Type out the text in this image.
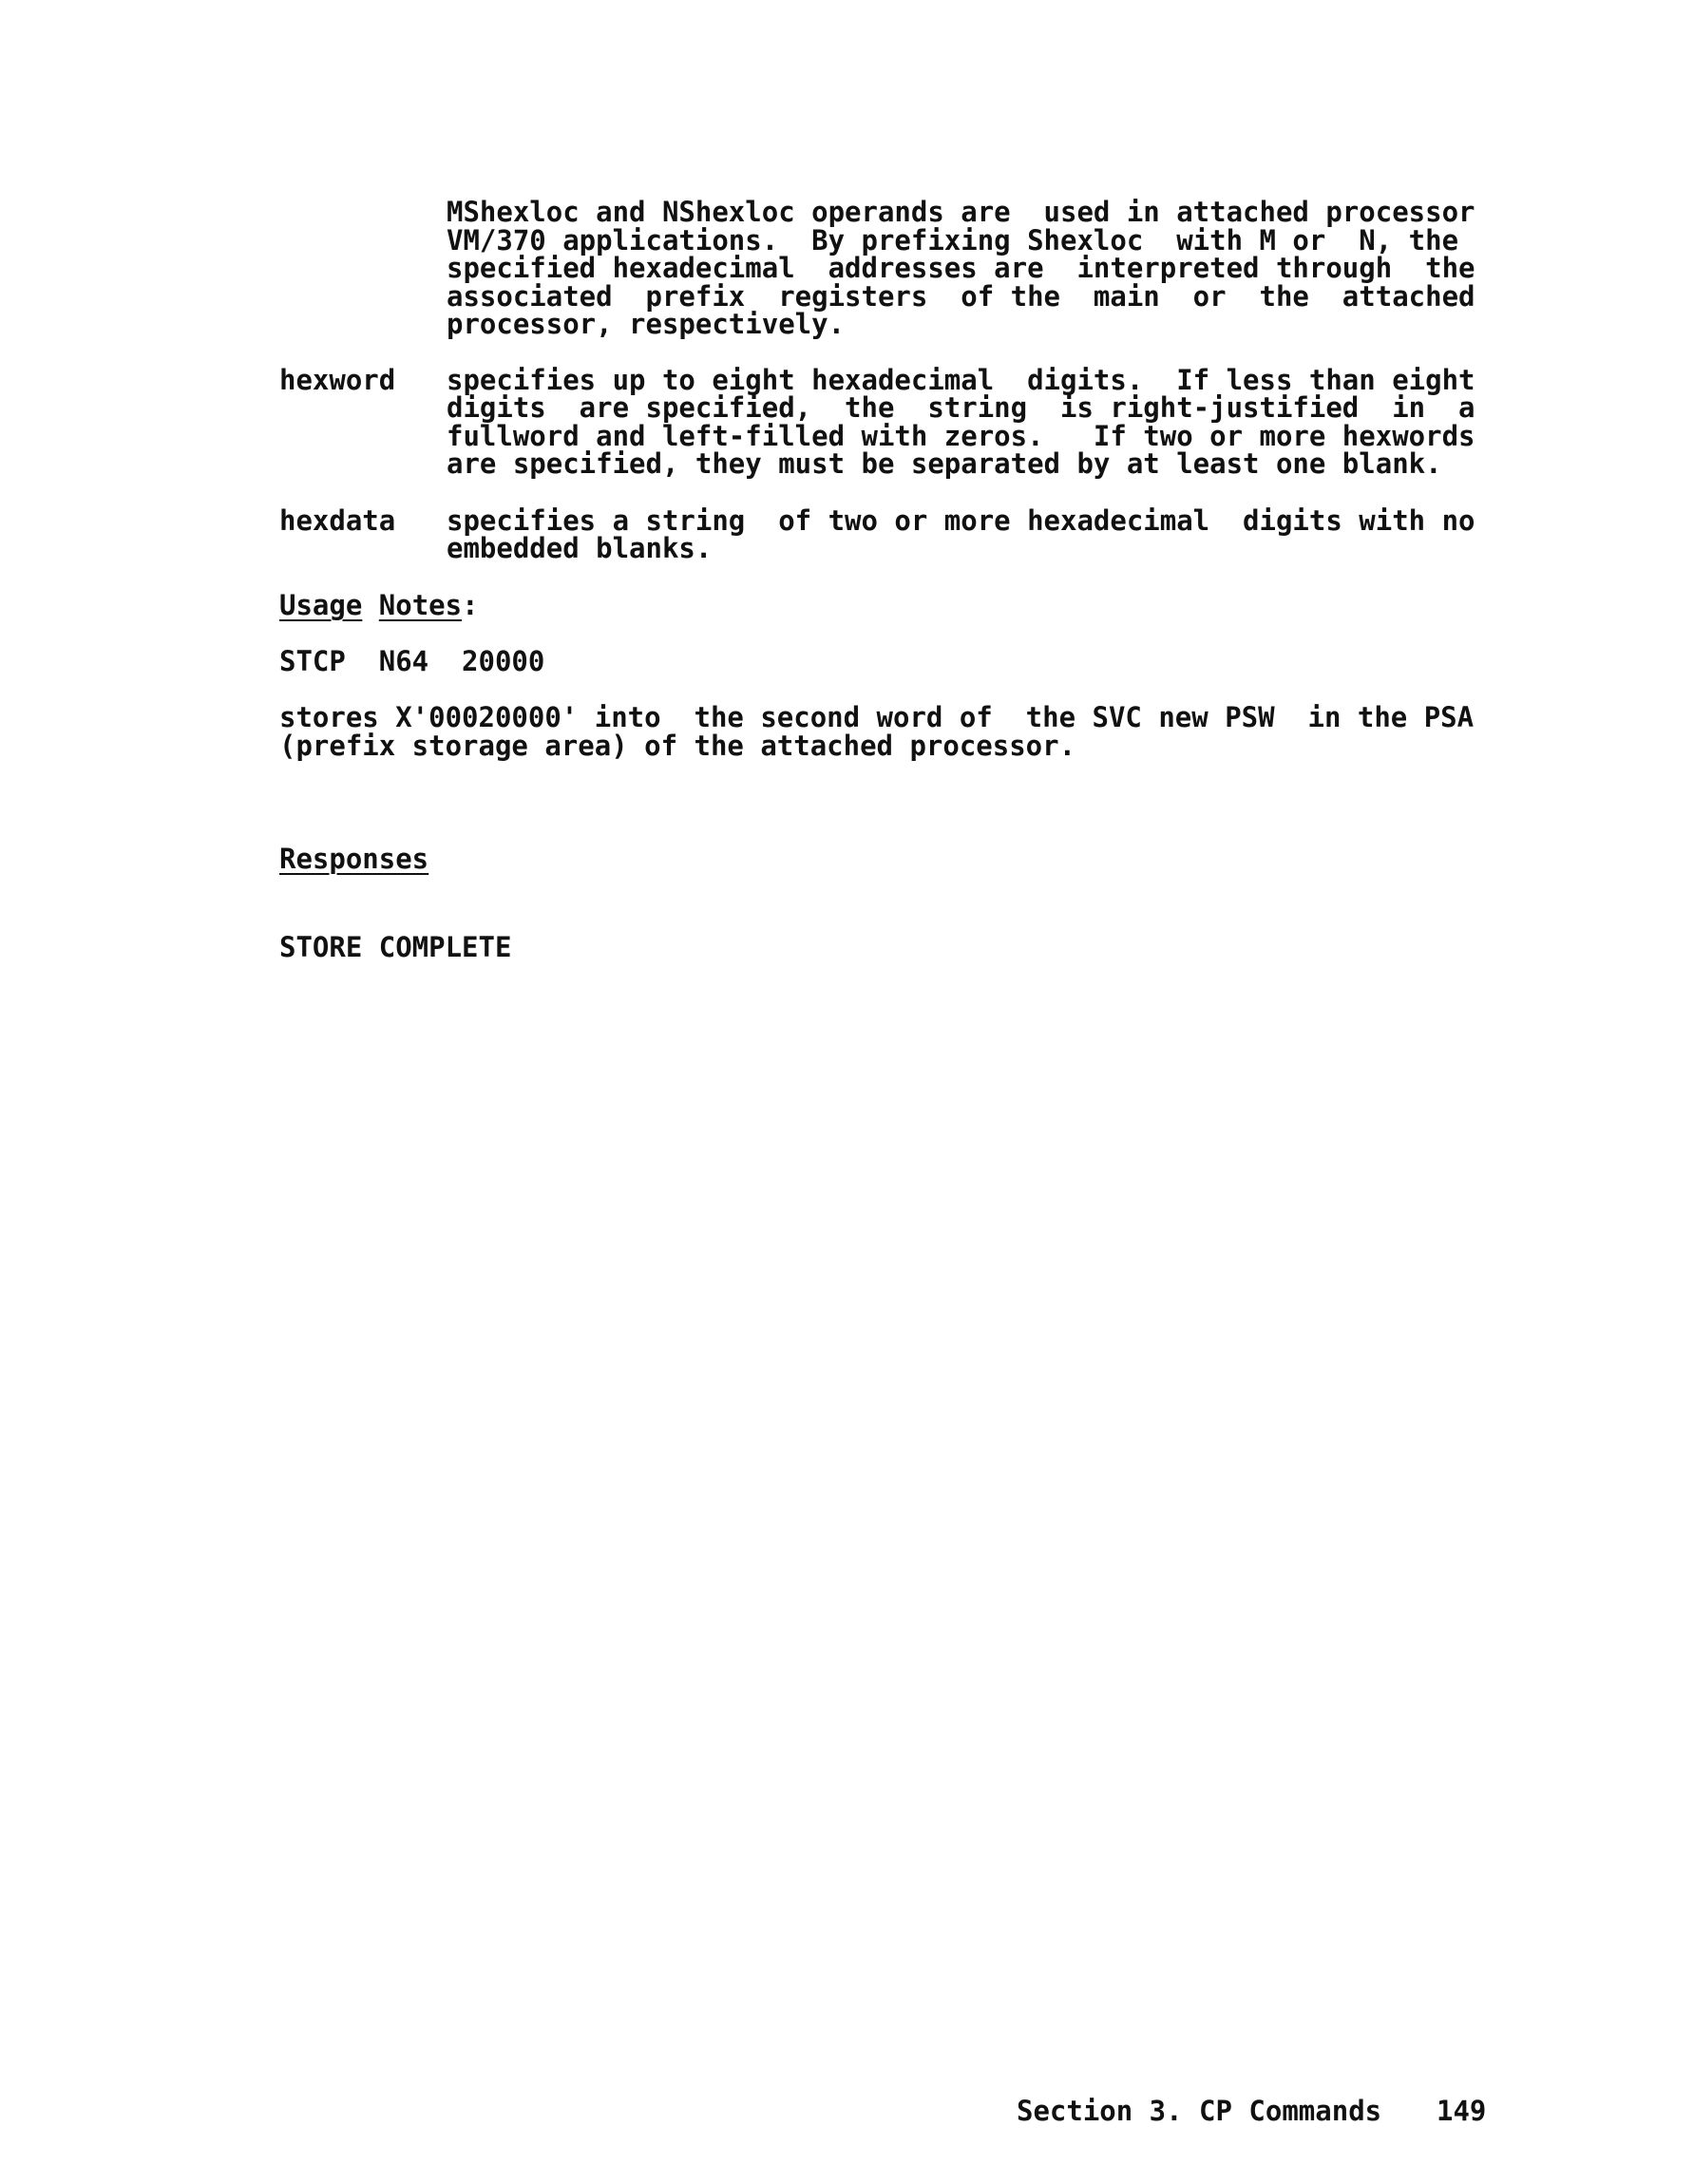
MShexloc and NShexloc operands are  used in attached processor
VM/370 applications.  By prefixing Shexloc  with M or  N, the
specified hexadecimal  addresses are  interpreted through  the
associated  prefix  registers  of the  main  or  the  attached
processor, respectively.
hexword specifies up to eight hexadecimal  digits.  If less than eight
digits  are specified,  the  string  is right-justified  in  a
fullword and left-filled with zeros.   If two or more hexwords
are specified, they must be separated by at least one blank.
hexdata specifies a string  of two or more hexadecimal  digits with no
embedded blanks.
Usage Notes:
STCP  N64  20000
stores X'00020000' into  the second word of  the SVC new PSW  in the PSA
(prefix storage area) of the attached processor.
Responses
STORE COMPLETE
Section 3. CP Commands 149
